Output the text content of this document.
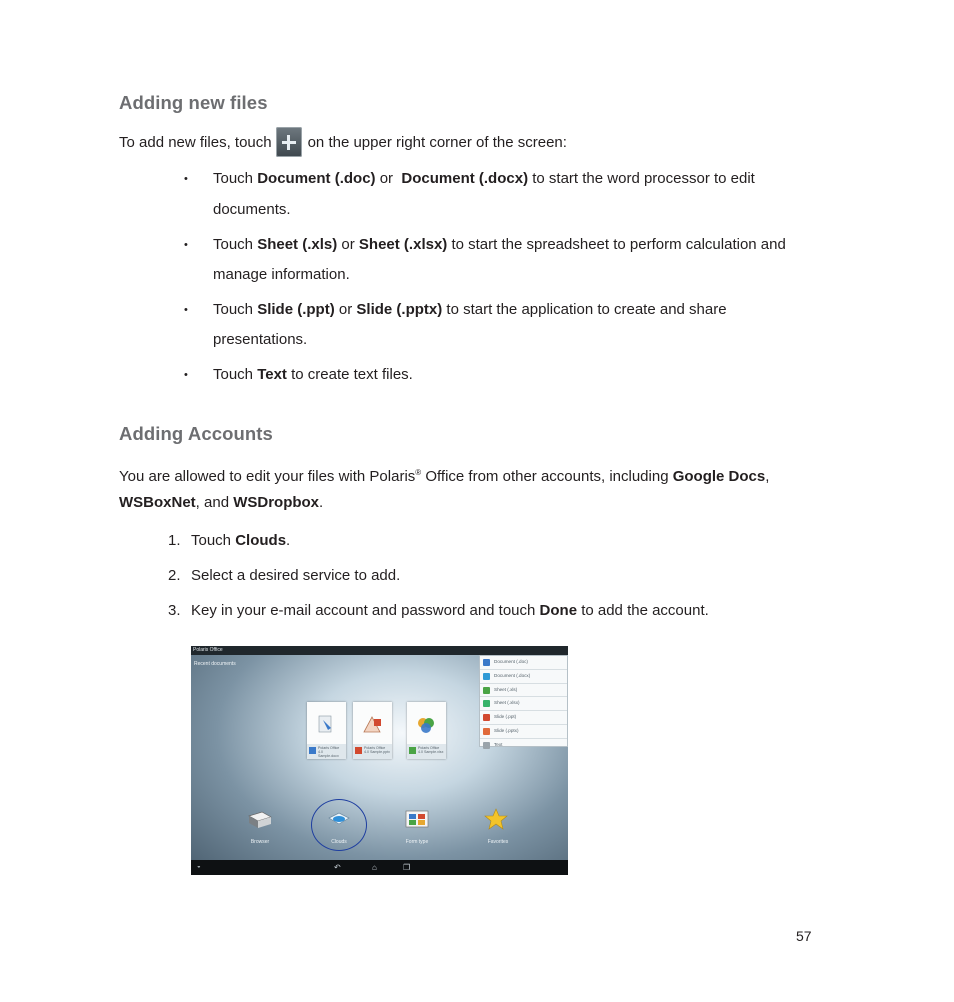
Adding new files

To add new files, touch on the upper right corner of the screen:

• Touch Document (.doc) or  Document (.docx) to start the word processor to edit

documents.

• Touch Sheet (.xls) or Sheet (.xlsx) to start the spreadsheet to perform calculation and

manage information.

• Touch Slide (.ppt) or Slide (.pptx) to start the application to create and share

presentations.

• Touch Text to create text files.

Adding Accounts

You are allowed to edit your files with Polaris® Office from other accounts, including Google Docs,

WSBoxNet, and WSDropbox.

1. Touch Clouds.

2. Select a desired service to add.

3. Key in your e-mail account and password and touch Done to add the account.

Polaris Office
Recent documents	Document (.doc)
Document (.docx)
Sheet (.xls)
Sheet (.xlsx)
Slide (.ppt)
Slide (.pptx)
Text
Polaris Office 4.0 Sample.docx
Polaris Office 4.0 Sample.pptx
Polaris Office 4.0 Sample.xlsx
Browser	Clouds	Form type	Favorites
◒	↶	⌂	❐
57
